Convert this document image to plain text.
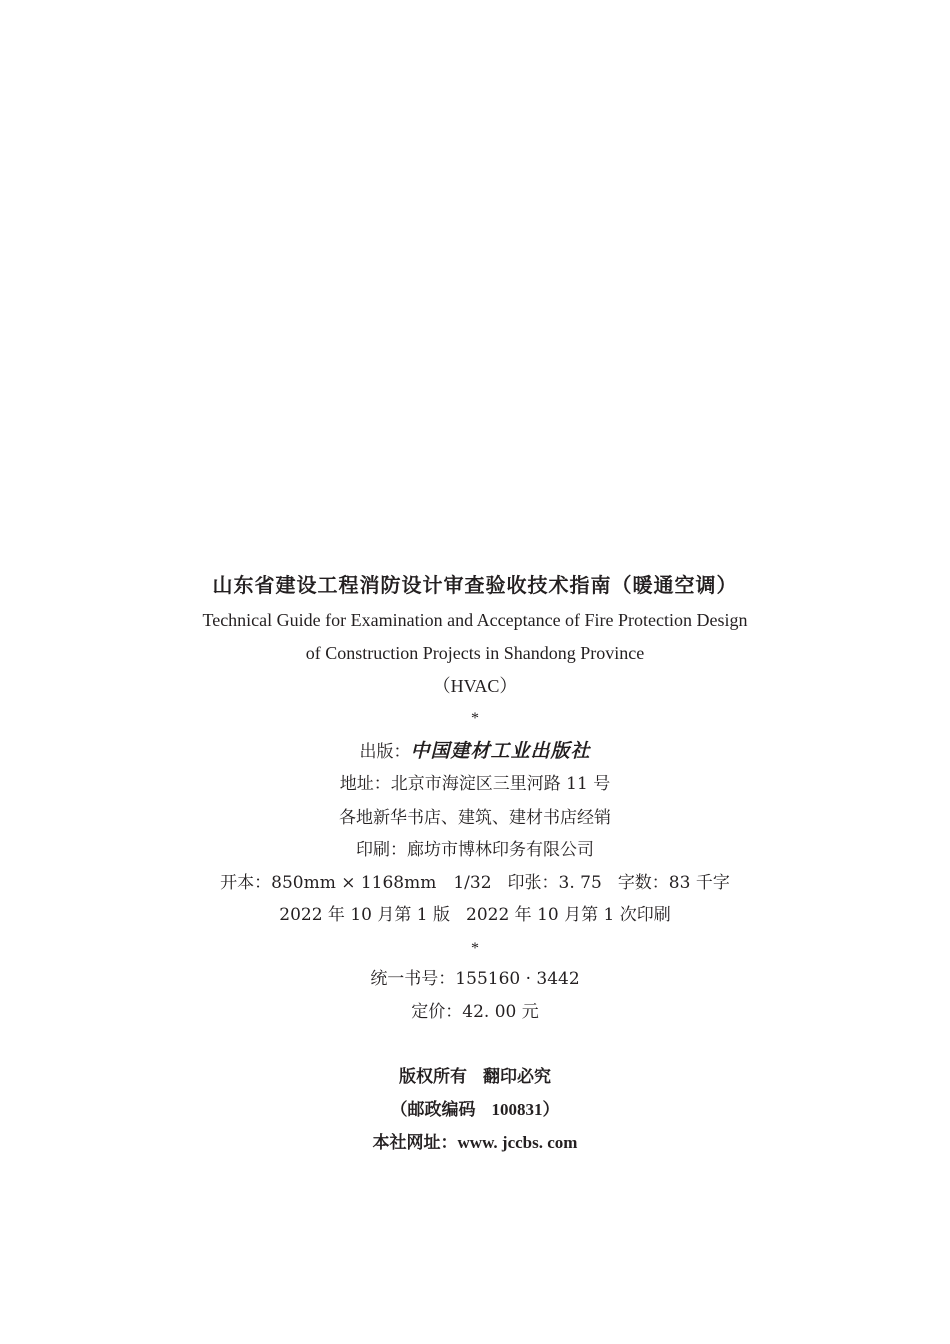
山东省建设工程消防设计审查验收技术指南（暖通空调）
Technical Guide for Examination and Acceptance of Fire Protection Design
of Construction Projects in Shandong Province
（HVAC）
*
出版：中国建材工业出版社
地址：北京市海淀区三里河路 11 号
各地新华书店、建筑、建材书店经销
印刷：廊坊市博林印务有限公司
开本：850mm × 1168mm　1/32 印张：3. 75 字数：83 千字
2022 年 10 月第 1 版 2022 年 10 月第 1 次印刷
*
统一书号：155160 · 3442
定价：42. 00 元
版权所有 翻印必究
（邮政编码 100831）
本社网址：www. jccbs. com
